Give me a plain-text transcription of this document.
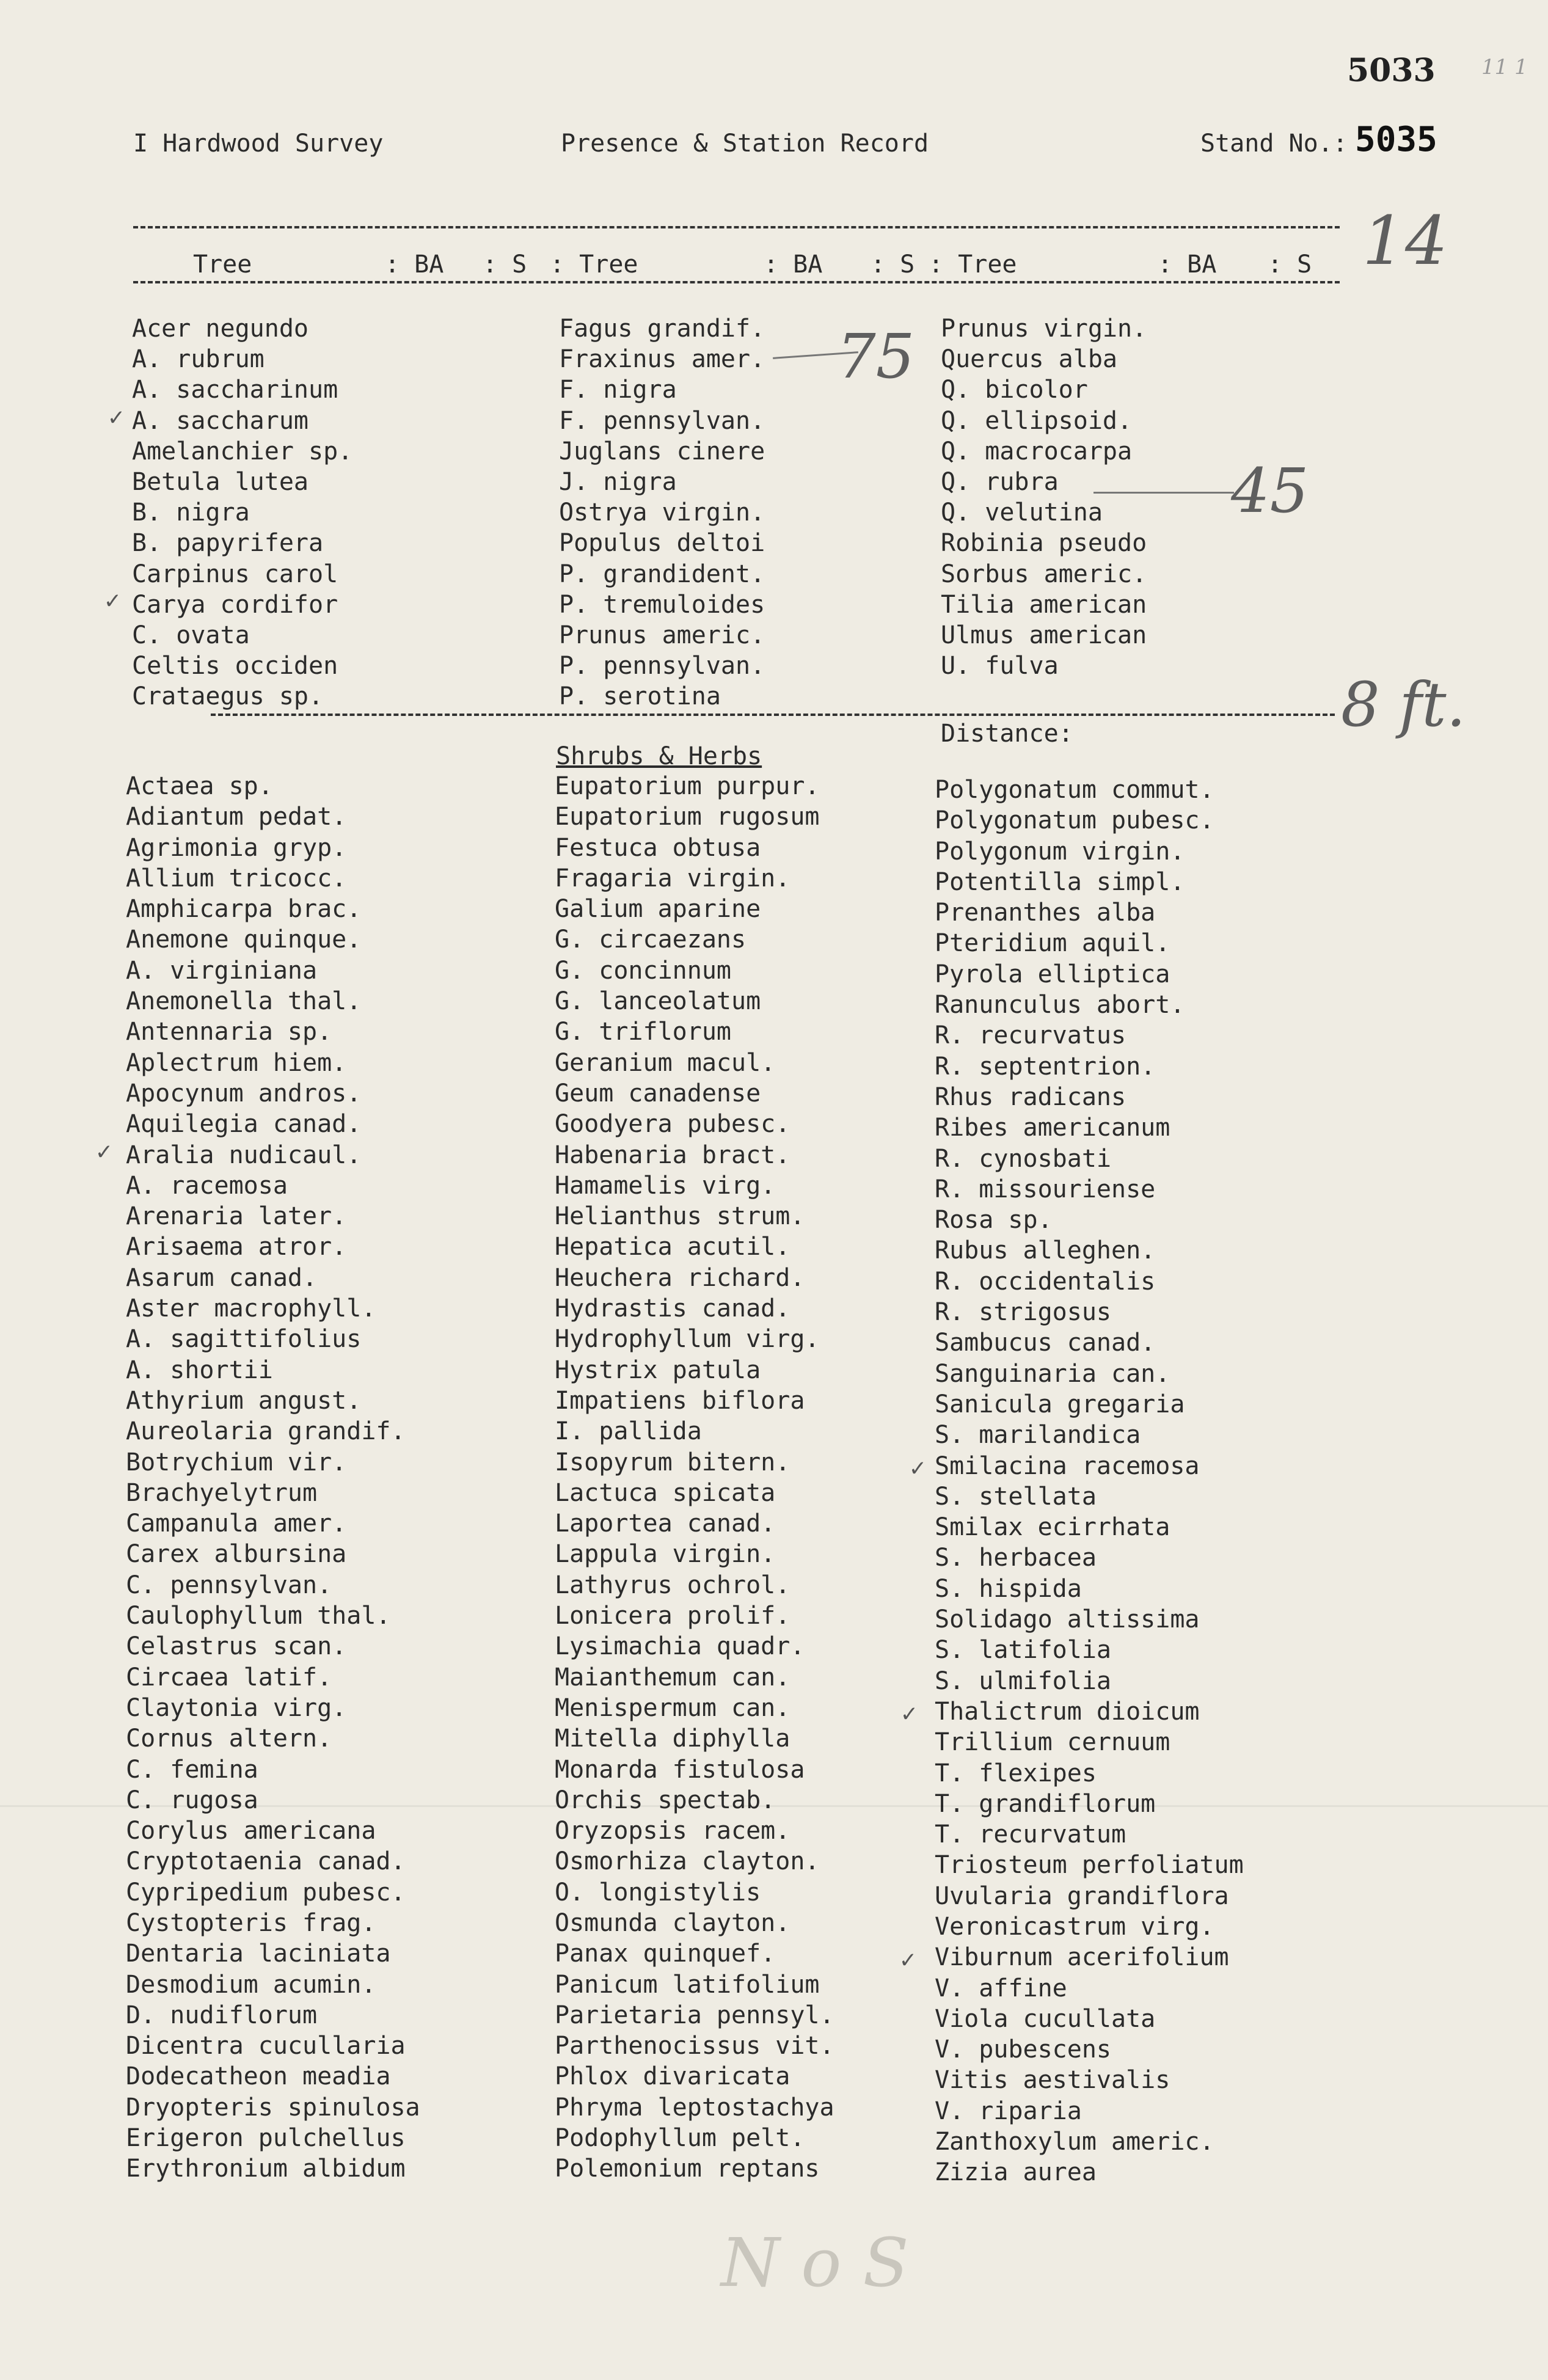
5033 11 1
I Hardwood Survey	Presence & Station Record	Stand No.: 5035
Tree	: BA : S : Tree	: BA : S : Tree	: BA : S 14
Acer negundo
A. rubrum
A. saccharinum
A. saccharum
Amelanchier sp.
Betula lutea
B. nigra
B. papyrifera
Carpinus carol
Carya cordifor
C. ovata
Celtis occiden
Crataegus sp.
Fagus grandif.
Fraxinus amer.
F. nigra
F. pennsylvan.
Juglans cinere
J. nigra
Ostrya virgin.
Populus deltoi
P. grandident.
P. tremuloides
Prunus americ.
P. pennsylvan.
P. serotina
Prunus virgin.
Quercus alba
Q. bicolor
Q. ellipsoid.
Q. macrocarpa
Q. rubra
Q. velutina
Robinia pseudo
Sorbus americ.
Tilia american
Ulmus american
U. fulva
75
45
Distance:	8 ft.
Shrubs & Herbs
Actaea sp.
Adiantum pedat.
Agrimonia gryp.
Allium tricocc.
Amphicarpa brac.
Anemone quinque.
A. virginiana
Anemonella thal.
Antennaria sp.
Aplectrum hiem.
Apocynum andros.
Aquilegia canad.
Aralia nudicaul.
A. racemosa
Arenaria later.
Arisaema atror.
Asarum canad.
Aster macrophyll.
A. sagittifolius
A. shortii
Athyrium angust.
Aureolaria grandif.
Botrychium vir.
Brachyelytrum
Campanula amer.
Carex albursina
C. pennsylvan.
Caulophyllum thal.
Celastrus scan.
Circaea latif.
Claytonia virg.
Cornus altern.
C. femina
C. rugosa
Corylus americana
Cryptotaenia canad.
Cypripedium pubesc.
Cystopteris frag.
Dentaria laciniata
Desmodium acumin.
D. nudiflorum
Dicentra cucullaria
Dodecatheon meadia
Dryopteris spinulosa
Erigeron pulchellus
Erythronium albidum
Eupatorium purpur.
Eupatorium rugosum
Festuca obtusa
Fragaria virgin.
Galium aparine
G. circaezans
G. concinnum
G. lanceolatum
G. triflorum
Geranium macul.
Geum canadense
Goodyera pubesc.
Habenaria bract.
Hamamelis virg.
Helianthus strum.
Hepatica acutil.
Heuchera richard.
Hydrastis canad.
Hydrophyllum virg.
Hystrix patula
Impatiens biflora
I. pallida
Isopyrum bitern.
Lactuca spicata
Laportea canad.
Lappula virgin.
Lathyrus ochrol.
Lonicera prolif.
Lysimachia quadr.
Maianthemum can.
Menispermum can.
Mitella diphylla
Monarda fistulosa
Orchis spectab.
Oryzopsis racem.
Osmorhiza clayton.
O. longistylis
Osmunda clayton.
Panax quinquef.
Panicum latifolium
Parietaria pennsyl.
Parthenocissus vit.
Phlox divaricata
Phryma leptostachya
Podophyllum pelt.
Polemonium reptans
Polygonatum commut.
Polygonatum pubesc.
Polygonum virgin.
Potentilla simpl.
Prenanthes alba
Pteridium aquil.
Pyrola elliptica
Ranunculus abort.
R. recurvatus
R. septentrion.
Rhus radicans
Ribes americanum
R. cynosbati
R. missouriense
Rosa sp.
Rubus alleghen.
R. occidentalis
R. strigosus
Sambucus canad.
Sanguinaria can.
Sanicula gregaria
S. marilandica
Smilacina racemosa
S. stellata
Smilax ecirrhata
S. herbacea
S. hispida
Solidago altissima
S. latifolia
S. ulmifolia
Thalictrum dioicum
Trillium cernuum
T. flexipes
T. grandiflorum
T. recurvatum
Triosteum perfoliatum
Uvularia grandiflora
Veronicastrum virg.
Viburnum acerifolium
V. affine
Viola cucullata
V. pubescens
Vitis aestivalis
V. riparia
Zanthoxylum americ.
Zizia aurea
✓
✓
✓
✓
✓
✓
N o S
